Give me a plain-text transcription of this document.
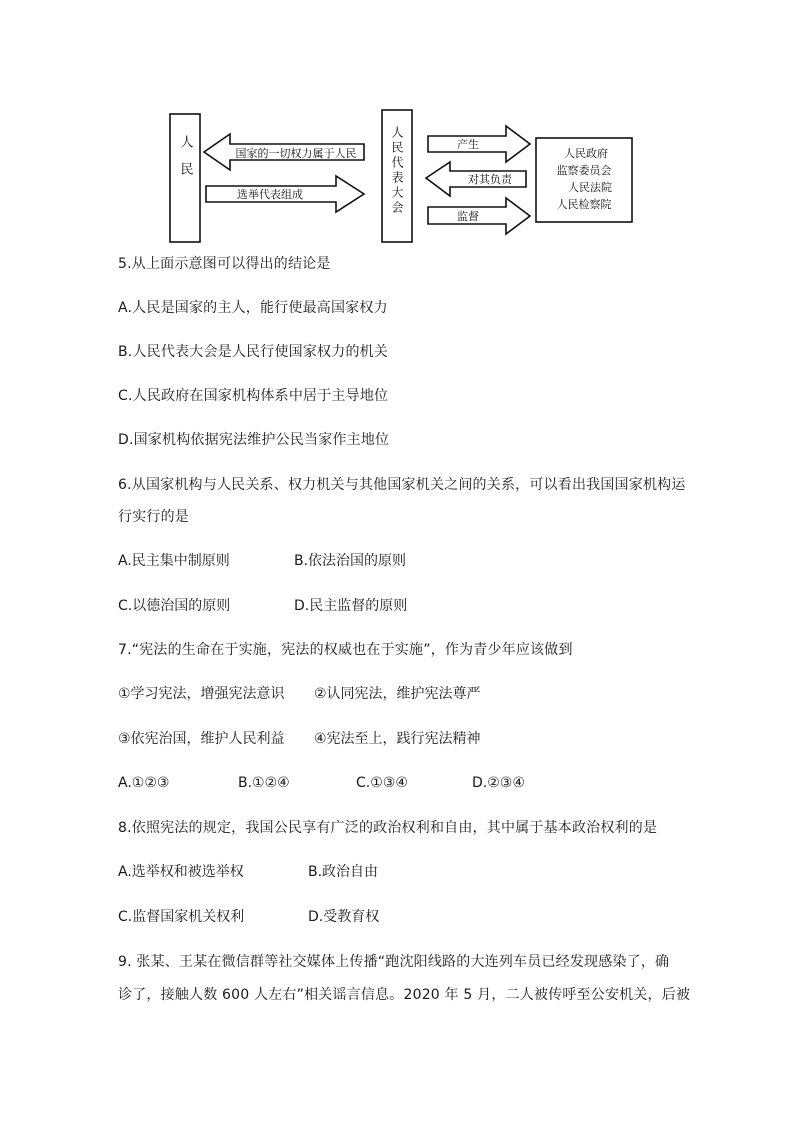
人民	人民代表大会
国家的一切权力属于人民
选举代表组成
产生
对其负责
监督
人民政府
监察委员会
人民法院
人民检察院
5.从上面示意图可以得出的结论是
A.人民是国家的主人，能行使最高国家权力
B.人民代表大会是人民行使国家权力的机关
C.人民政府在国家机构体系中居于主导地位
D.国家机构依据宪法维护公民当家作主地位
6.从国家机构与人民关系、权力机关与其他国家机关之间的关系，可以看出我国国家机构运
行实行的是
A.民主集中制原则	B.依法治国的原则
C.以德治国的原则	D.民主监督的原则
7.“宪法的生命在于实施，宪法的权威也在于实施”，作为青少年应该做到
①学习宪法，增强宪法意识 ②认同宪法，维护宪法尊严
③依宪治国，维护人民利益 ④宪法至上，践行宪法精神
A.①②③	B.①②④	C.①③④	D.②③④
8.依照宪法的规定，我国公民享有广泛的政治权利和自由，其中属于基本政治权利的是
A.选举权和被选举权	B.政治自由
C.监督国家机关权利	D.受教育权
9. 张某、王某在微信群等社交媒体上传播“跑沈阳线路的大连列车员已经发现感染了，确
诊了，接触人数 600 人左右”相关谣言信息。2020 年 5 月，二人被传呼至公安机关，后被
